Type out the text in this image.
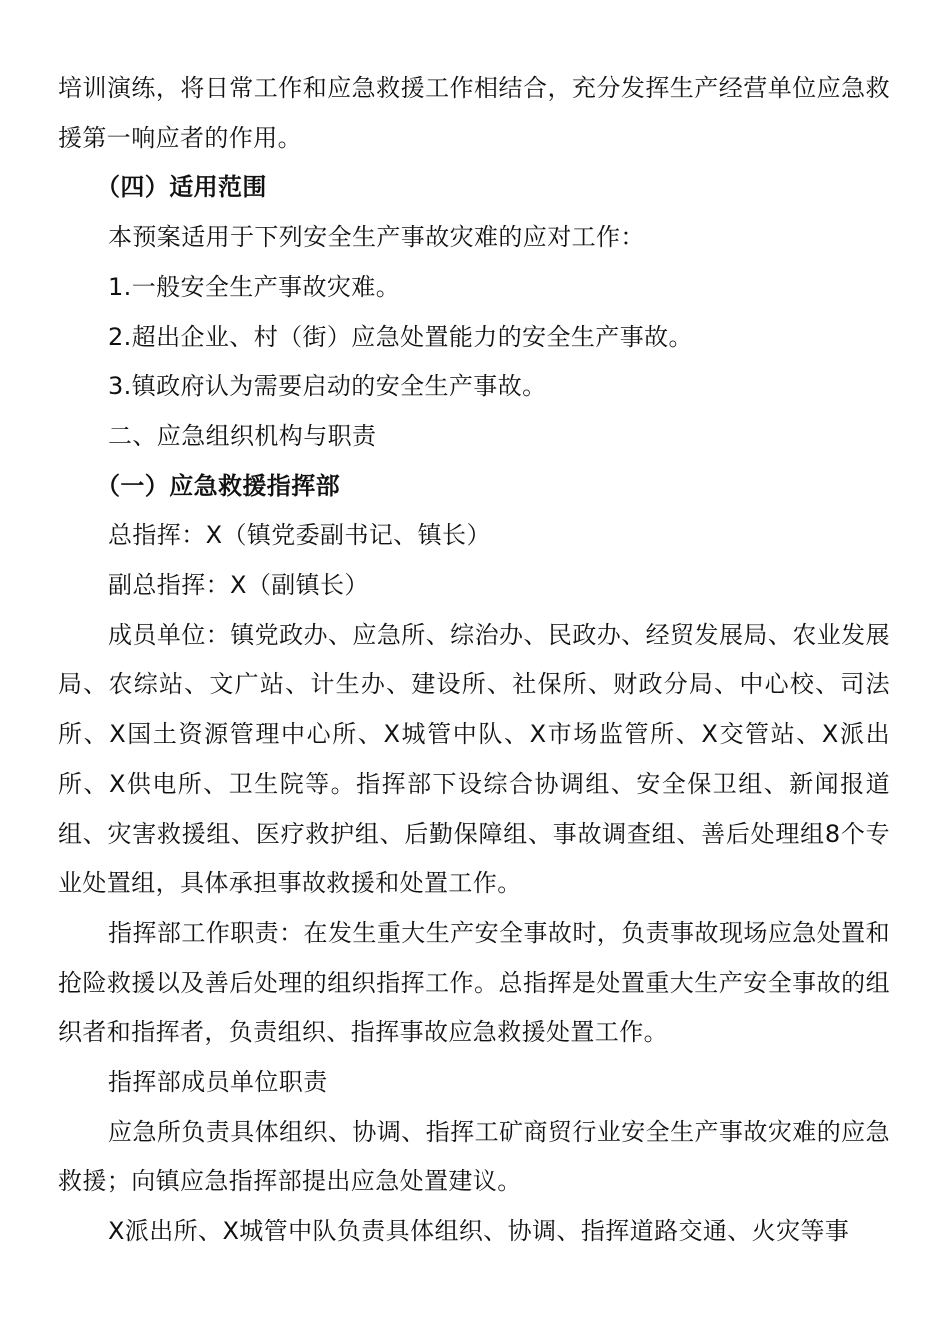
培训演练，将日常工作和应急救援工作相结合，充分发挥生产经营单位应急救援第一响应者的作用。

（四）适用范围

本预案适用于下列安全生产事故灾难的应对工作：

1.一般安全生产事故灾难。

2.超出企业、村（街）应急处置能力的安全生产事故。

3.镇政府认为需要启动的安全生产事故。

二、应急组织机构与职责

（一）应急救援指挥部

总指挥：X（镇党委副书记、镇长）

副总指挥：X（副镇长）

成员单位：镇党政办、应急所、综治办、民政办、经贸发展局、农业发展局、农综站、文广站、计生办、建设所、社保所、财政分局、中心校、司法所、X国土资源管理中心所、X城管中队、X市场监管所、X交管站、X派出所、X供电所、卫生院等。指挥部下设综合协调组、安全保卫组、新闻报道组、灾害救援组、医疗救护组、后勤保障组、事故调查组、善后处理组8个专业处置组，具体承担事故救援和处置工作。

指挥部工作职责：在发生重大生产安全事故时，负责事故现场应急处置和抢险救援以及善后处理的组织指挥工作。总指挥是处置重大生产安全事故的组织者和指挥者，负责组织、指挥事故应急救援处置工作。

指挥部成员单位职责

应急所负责具体组织、协调、指挥工矿商贸行业安全生产事故灾难的应急救援；向镇应急指挥部提出应急处置建议。

X派出所、X城管中队负责具体组织、协调、指挥道路交通、火灾等事
